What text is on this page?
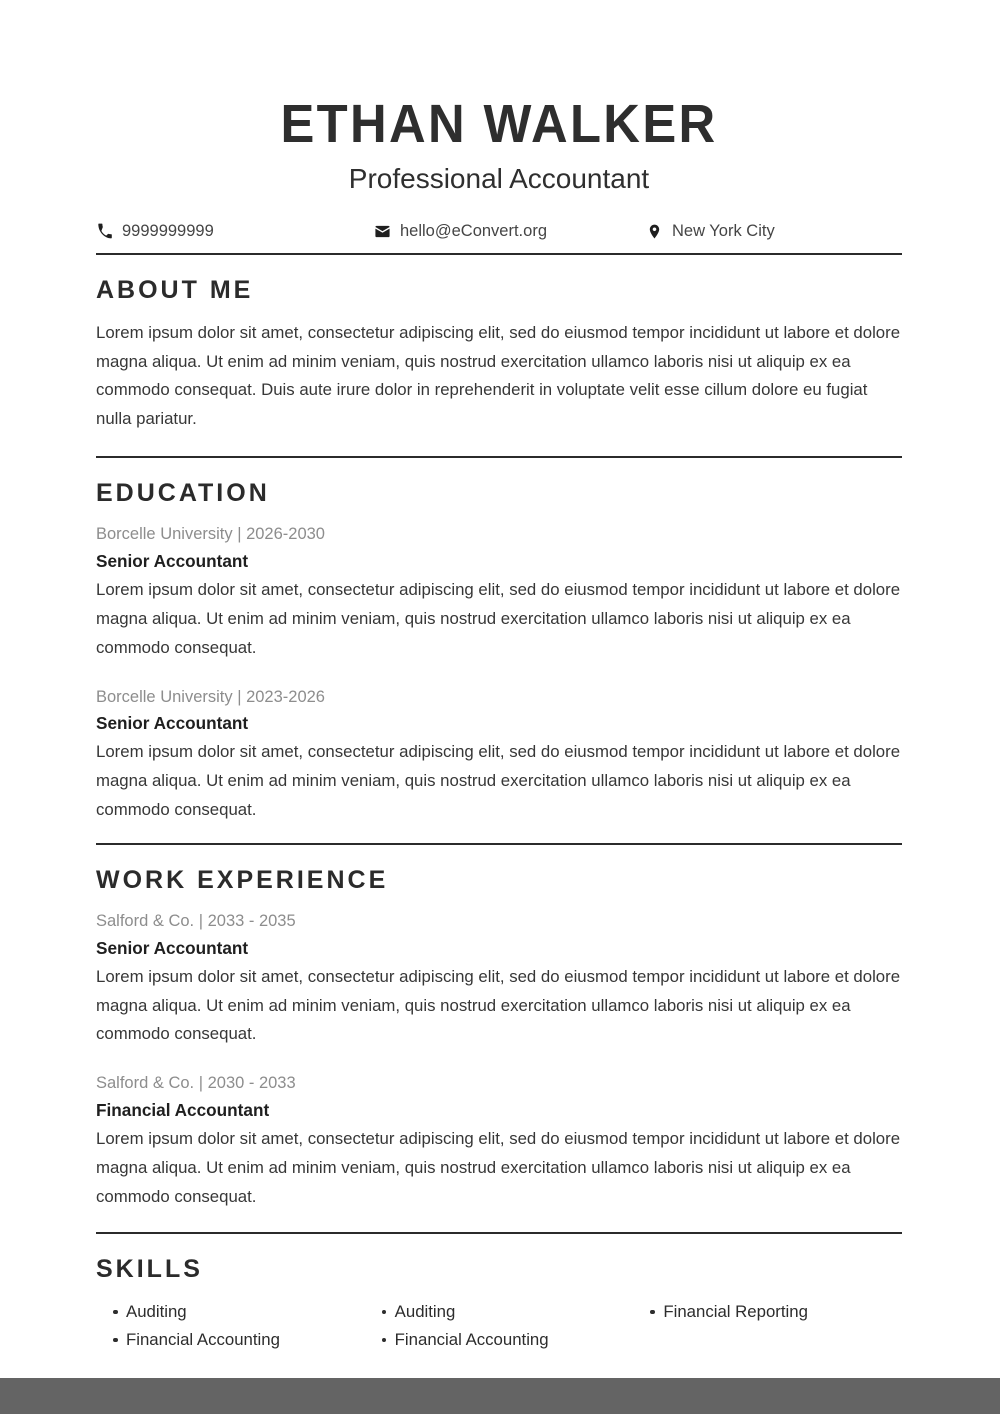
ETHAN WALKER

Professional Accountant

9999999999	hello@eConvert.org	New York City
ABOUT ME

Lorem ipsum dolor sit amet, consectetur adipiscing elit, sed do eiusmod tempor incididunt ut labore et dolore magna aliqua. Ut enim ad minim veniam, quis nostrud exercitation ullamco laboris nisi ut aliquip ex ea commodo consequat. Duis aute irure dolor in reprehenderit in voluptate velit esse cillum dolore eu fugiat nulla pariatur.

EDUCATION

Borcelle University | 2026-2030

Senior Accountant

Lorem ipsum dolor sit amet, consectetur adipiscing elit, sed do eiusmod tempor incididunt ut labore et dolore magna aliqua. Ut enim ad minim veniam, quis nostrud exercitation ullamco laboris nisi ut aliquip ex ea commodo consequat.

Borcelle University | 2023-2026

Senior Accountant

Lorem ipsum dolor sit amet, consectetur adipiscing elit, sed do eiusmod tempor incididunt ut labore et dolore magna aliqua. Ut enim ad minim veniam, quis nostrud exercitation ullamco laboris nisi ut aliquip ex ea commodo consequat.

WORK EXPERIENCE

Salford & Co. | 2033 - 2035

Senior Accountant

Lorem ipsum dolor sit amet, consectetur adipiscing elit, sed do eiusmod tempor incididunt ut labore et dolore magna aliqua. Ut enim ad minim veniam, quis nostrud exercitation ullamco laboris nisi ut aliquip ex ea commodo consequat.

Salford & Co. | 2030 - 2033

Financial Accountant

Lorem ipsum dolor sit amet, consectetur adipiscing elit, sed do eiusmod tempor incididunt ut labore et dolore magna aliqua. Ut enim ad minim veniam, quis nostrud exercitation ullamco laboris nisi ut aliquip ex ea commodo consequat.

SKILLS
Auditing
Financial Accounting
Auditing
Financial Accounting
Financial Reporting
